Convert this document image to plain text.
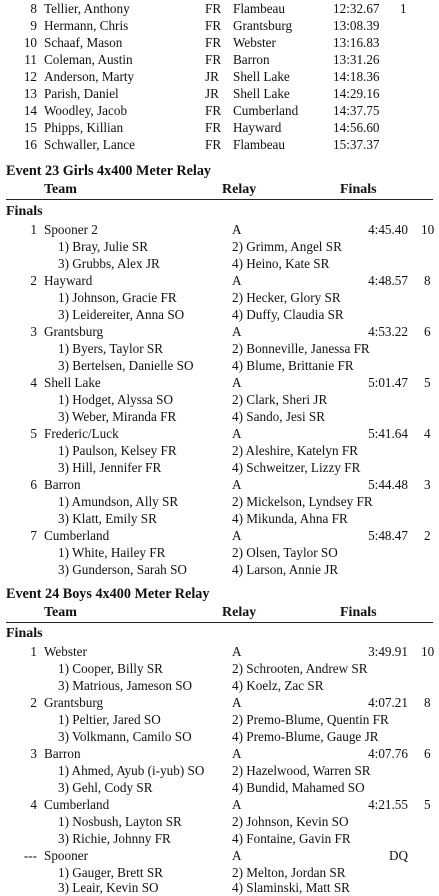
8 Tellier, Anthony	FR Flambeau	12:32.67 1
9 Hermann, Chris	FR Grantsburg	13:08.39
10 Schaaf, Mason	FR Webster	13:16.83
11 Coleman, Austin	FR Barron	13:31.26
12 Anderson, Marty	JR Shell Lake	14:18.36
13 Parish, Daniel	JR Shell Lake	14:29.16
14 Woodley, Jacob	FR Cumberland	14:37.75
15 Phipps, Killian	FR Hayward	14:56.60
16 Schwaller, Lance	FR Flambeau	15:37.37
Event 23 Girls 4x400 Meter Relay
Team	Relay	Finals
Finals
1 Spooner 2	A	4:45.40 10
1) Bray, Julie SR	2) Grimm, Angel SR
3) Grubbs, Alex JR	4) Heino, Kate SR
2 Hayward	A	4:48.57 8
1) Johnson, Gracie FR	2) Hecker, Glory SR
3) Leidereiter, Anna SO	4) Duffy, Claudia SR
3 Grantsburg	A	4:53.22 6
1) Byers, Taylor SR	2) Bonneville, Janessa FR
3) Bertelsen, Danielle SO	4) Blume, Brittanie FR
4 Shell Lake	A	5:01.47 5
1) Hodget, Alyssa SO	2) Clark, Sheri JR
3) Weber, Miranda FR	4) Sando, Jesi SR
5 Frederic/Luck	A	5:41.64 4
1) Paulson, Kelsey FR	2) Aleshire, Katelyn FR
3) Hill, Jennifer FR	4) Schweitzer, Lizzy FR
6 Barron	A	5:44.48 3
1) Amundson, Ally SR	2) Mickelson, Lyndsey FR
3) Klatt, Emily SR	4) Mikunda, Ahna FR
7 Cumberland	A	5:48.47 2
1) White, Hailey FR	2) Olsen, Taylor SO
3) Gunderson, Sarah SO	4) Larson, Annie JR
Event 24 Boys 4x400 Meter Relay
Team	Relay	Finals
Finals
1 Webster	A	3:49.91 10
1) Cooper, Billy SR	2) Schrooten, Andrew SR
3) Matrious, Jameson SO	4) Koelz, Zac SR
2 Grantsburg	A	4:07.21 8
1) Peltier, Jared SO	2) Premo-Blume, Quentin FR
3) Volkmann, Camilo SO	4) Premo-Blume, Gauge JR
3 Barron	A	4:07.76 6
1) Ahmed, Ayub (i-yub) SO 2) Hazelwood, Warren SR
3) Gehl, Cody SR	4) Bundid, Mahamed SO
4 Cumberland	A	4:21.55 5
1) Nosbush, Layton SR	2) Johnson, Kevin SO
3) Richie, Johnny FR	4) Fontaine, Gavin FR
--- Spooner	A	DQ
1) Gauger, Brett SR	2) Melton, Jordan SR
3) Leair, Kevin SO	4) Slaminski, Matt SR
